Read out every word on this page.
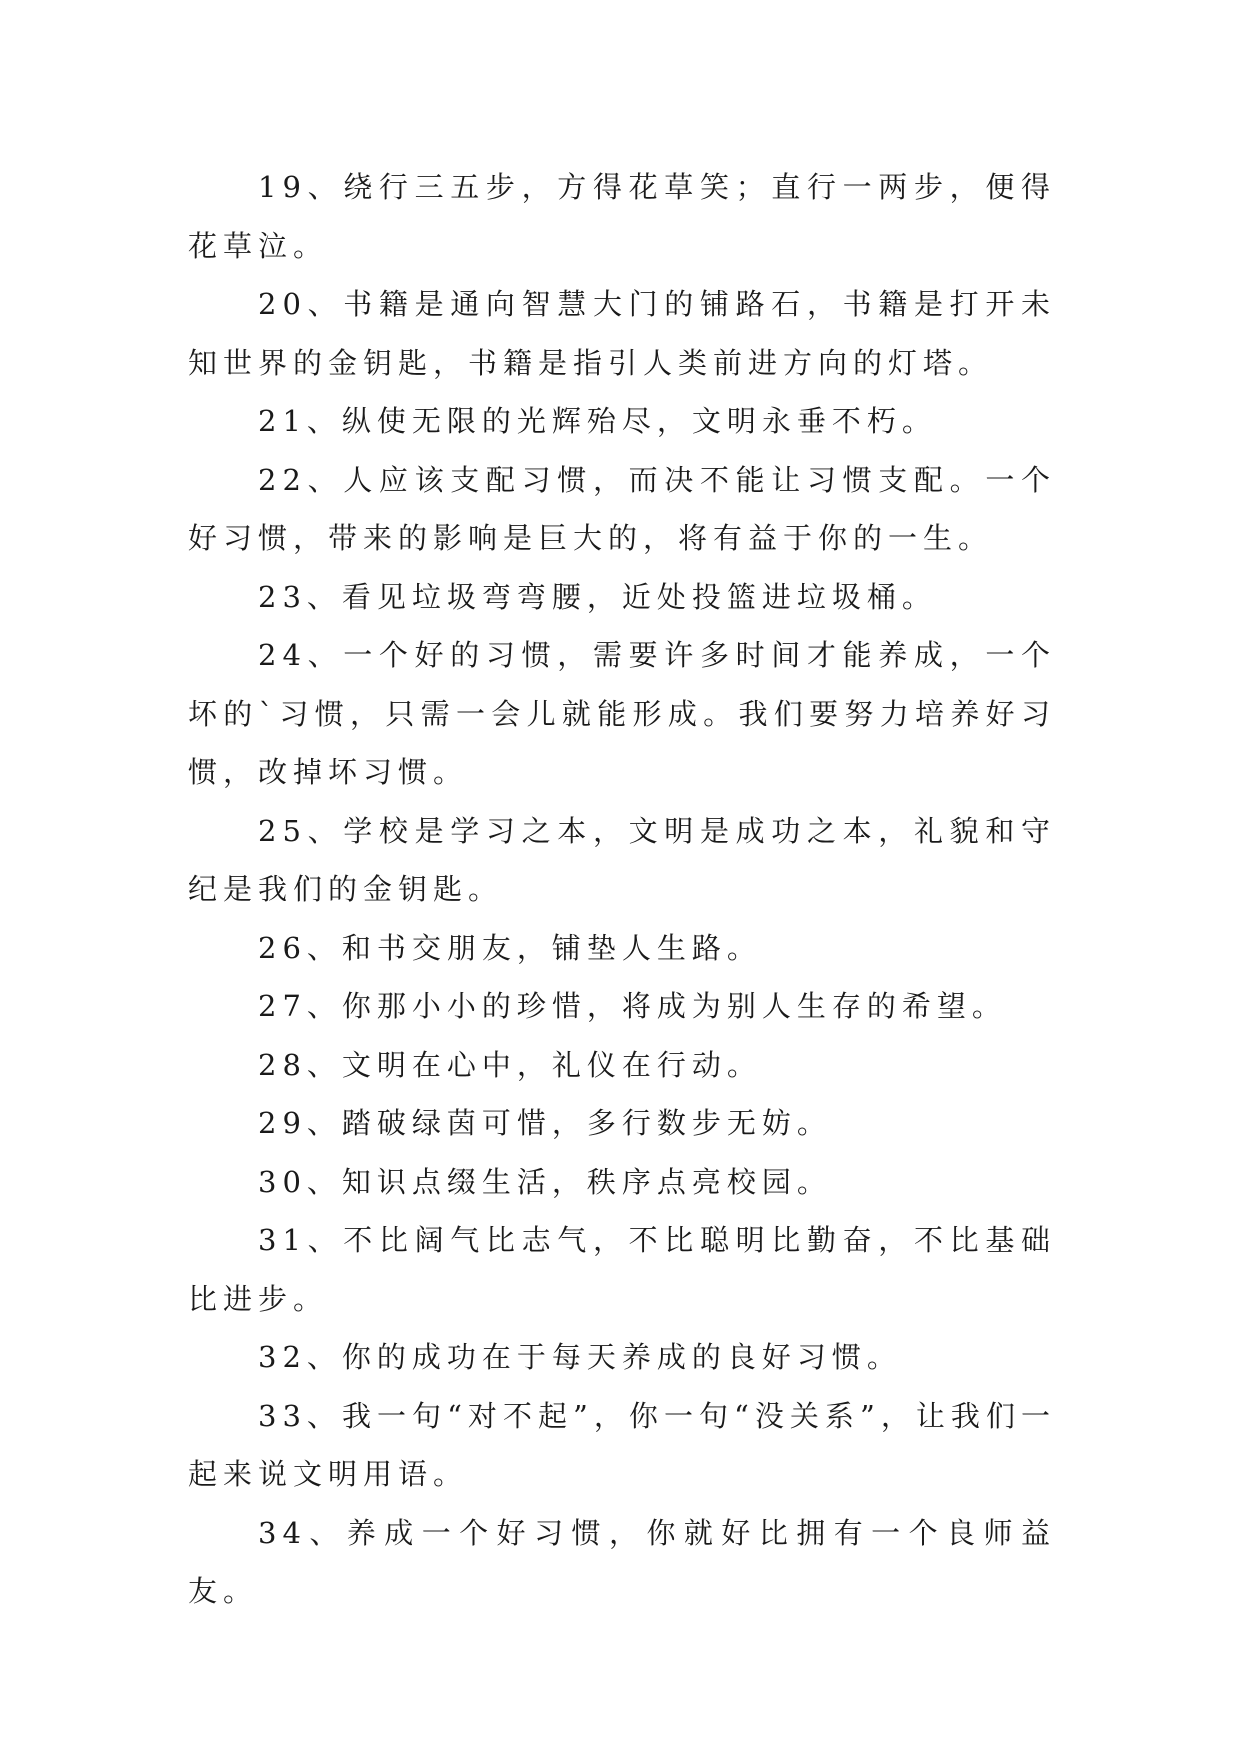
19、绕行三五步，方得花草笑；直行一两步，便得花草泣。

20、书籍是通向智慧大门的铺路石，书籍是打开未知世界的金钥匙，书籍是指引人类前进方向的灯塔。

21、纵使无限的光辉殆尽，文明永垂不朽。

22、人应该支配习惯，而决不能让习惯支配。一个好习惯，带来的影响是巨大的，将有益于你的一生。

23、看见垃圾弯弯腰，近处投篮进垃圾桶。

24、一个好的习惯，需要许多时间才能养成，一个坏的`习惯，只需一会儿就能形成。我们要努力培养好习惯，改掉坏习惯。

25、学校是学习之本，文明是成功之本，礼貌和守纪是我们的金钥匙。

26、和书交朋友，铺垫人生路。

27、你那小小的珍惜，将成为别人生存的希望。

28、文明在心中，礼仪在行动。

29、踏破绿茵可惜，多行数步无妨。

30、知识点缀生活，秩序点亮校园。

31、不比阔气比志气，不比聪明比勤奋，不比基础比进步。

32、你的成功在于每天养成的良好习惯。

33、我一句“对不起”，你一句“没关系”，让我们一起来说文明用语。

34、养成一个好习惯，你就好比拥有一个良师益友。
